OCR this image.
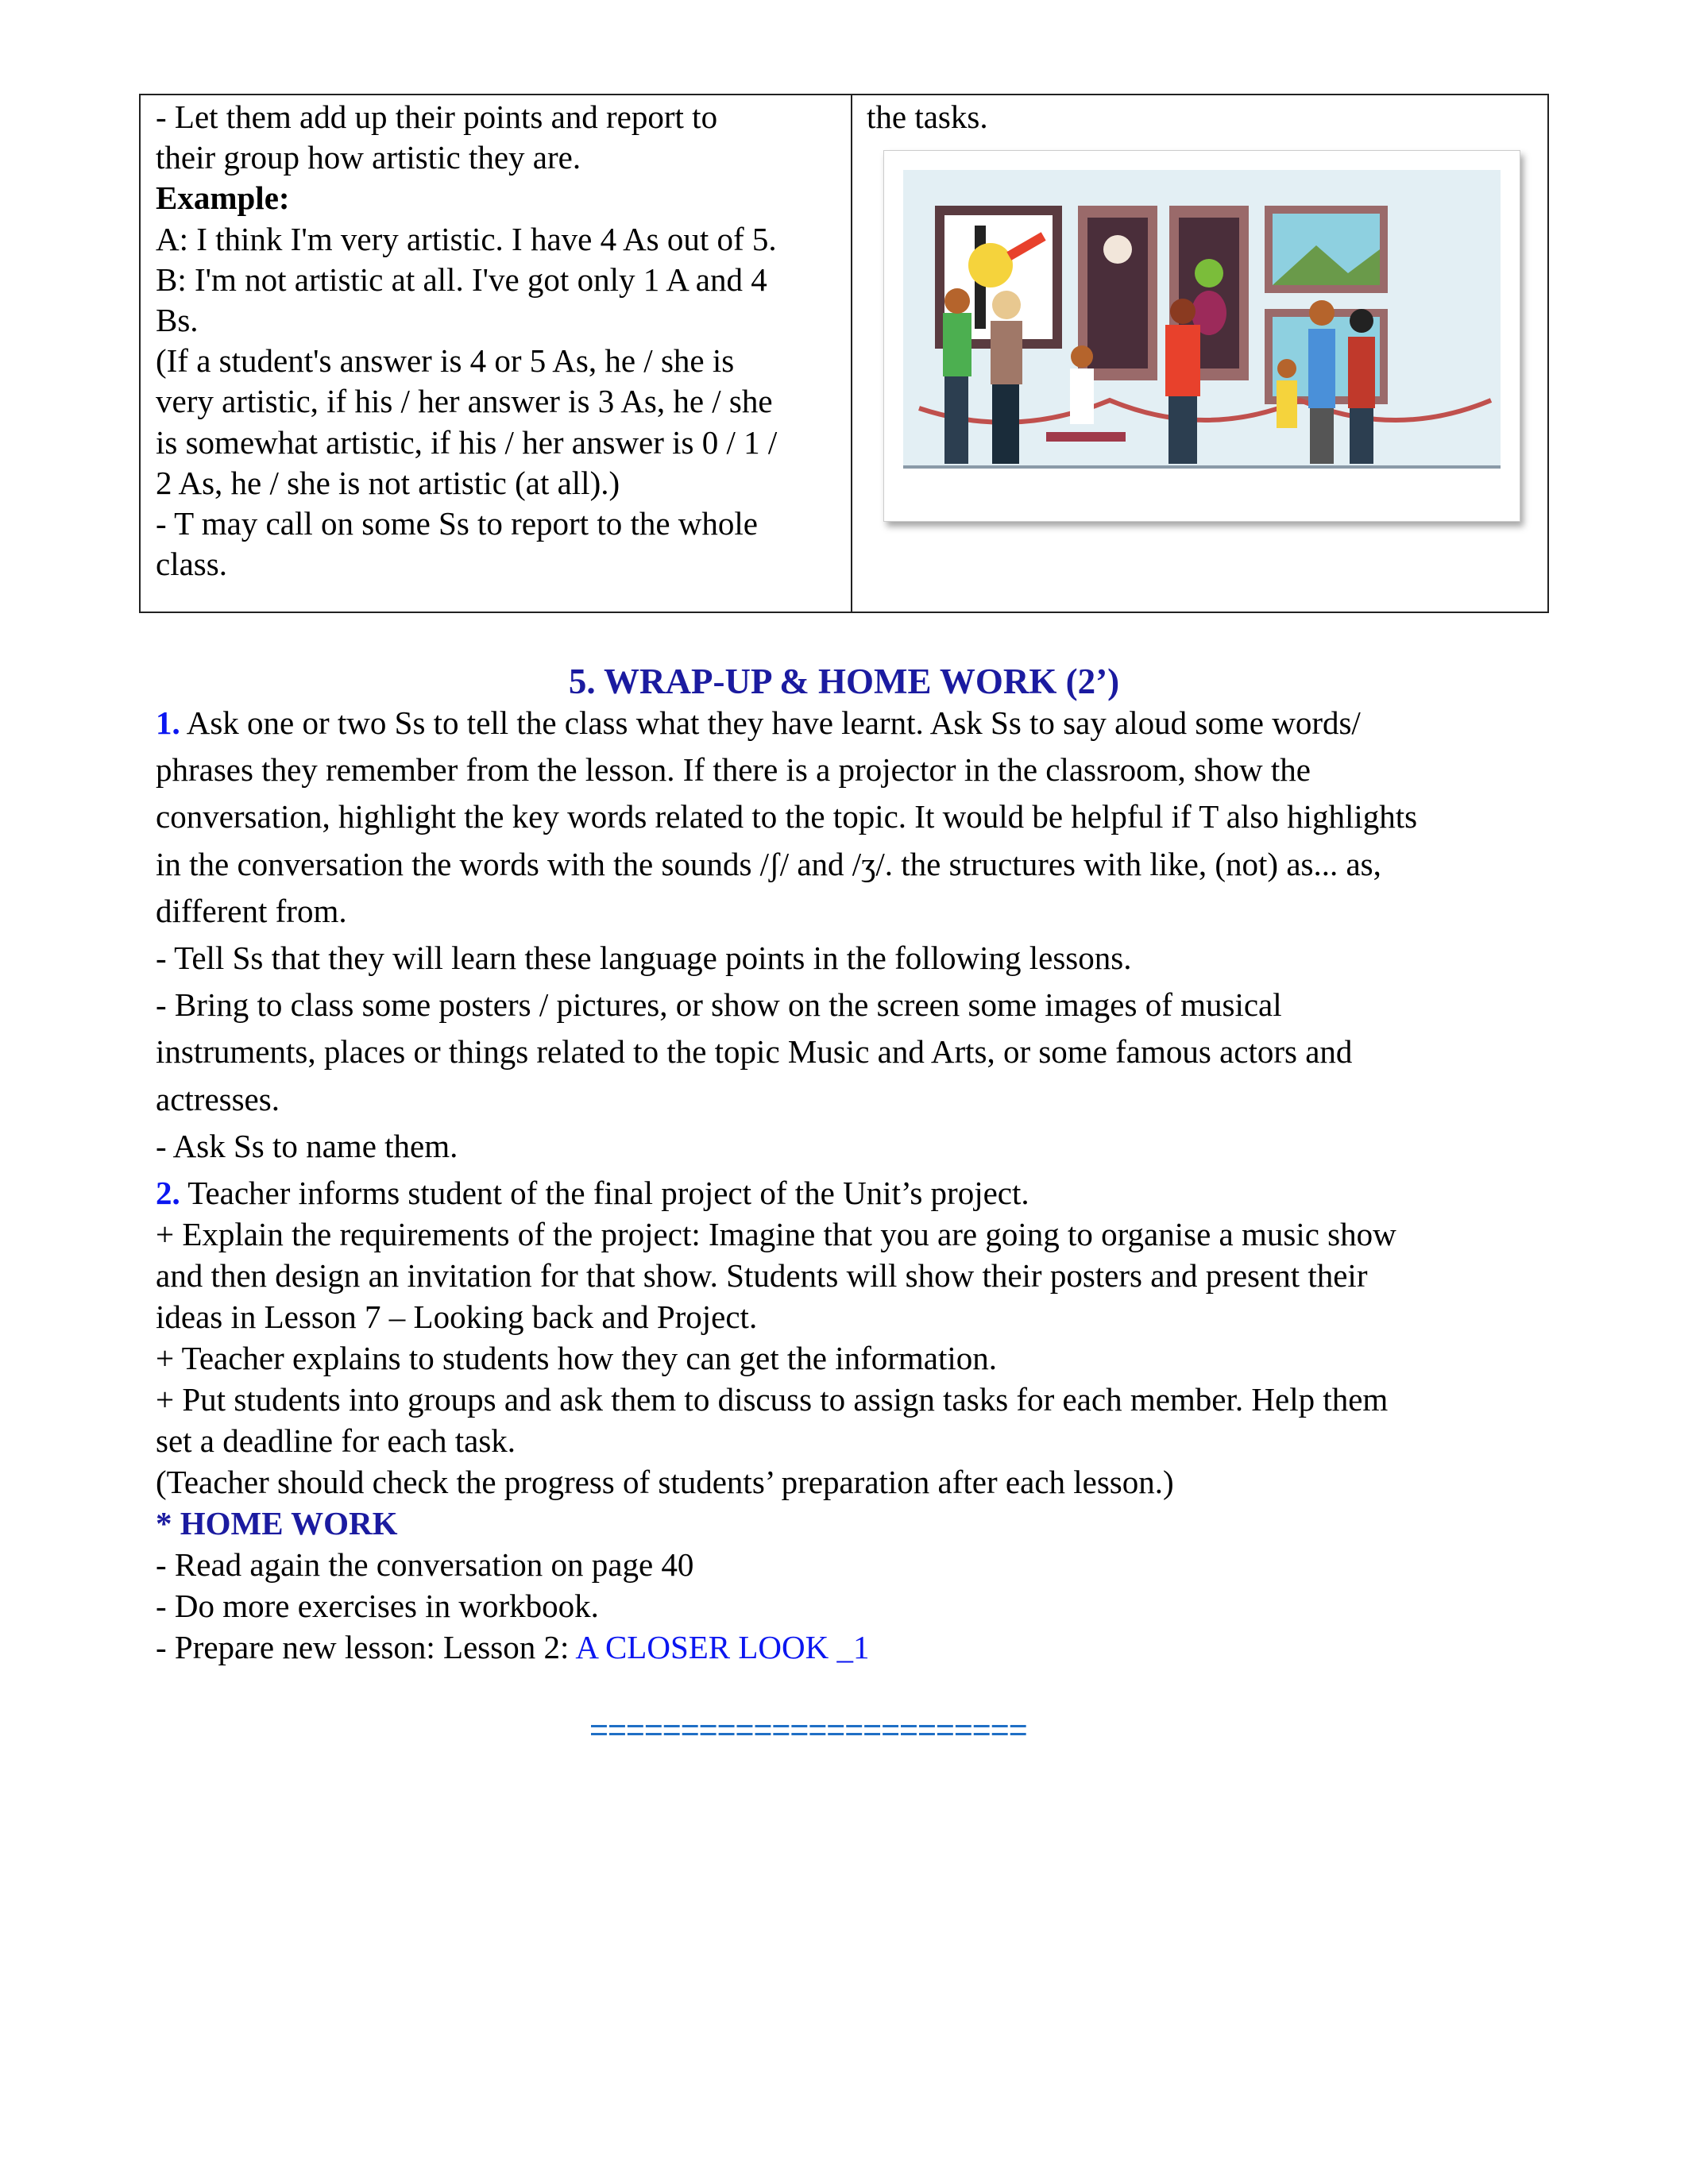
- Let them add up their points and report to
their group how artistic they are.
Example:
A: I think I'm very artistic. I have 4 As out of 5.
B: I'm not artistic at all. I've got only 1 A and 4
Bs.
(If a student's answer is 4 or 5 As, he / she is
very artistic, if his / her answer is 3 As, he / she
is somewhat artistic, if his / her answer is 0 / 1 /
2 As, he / she is not artistic (at all).)
- T may call on some Ss to report to the whole
class.
the tasks.
5. WRAP-UP & HOME WORK (2’)
1. Ask one or two Ss to tell the class what they have learnt. Ask Ss to say aloud some words/
phrases they remember from the lesson. If there is a projector in the classroom, show the
conversation, highlight the key words related to the topic. It would be helpful if T also highlights
in the conversation the words with the sounds /ʃ/ and /ʒ/. the structures with like, (not) as... as,
different from.
- Tell Ss that they will learn these language points in the following lessons.
- Bring to class some posters / pictures, or show on the screen some images of musical
instruments, places or things related to the topic Music and Arts, or some famous actors and
actresses.
- Ask Ss to name them.
2. Teacher informs student of the final project of the Unit’s project.
+ Explain the requirements of the project: Imagine that you are going to organise a music show
and then design an invitation for that show. Students will show their posters and present their
ideas in Lesson 7 – Looking back and Project.
+ Teacher explains to students how they can get the information.
+ Put students into groups and ask them to discuss to assign tasks for each member. Help them
set a deadline for each task.
(Teacher should check the progress of students’ preparation after each lesson.)
* HOME WORK
- Read again the conversation on page 40
- Do more exercises in workbook.
- Prepare new lesson: Lesson 2: A CLOSER LOOK _1
========================
